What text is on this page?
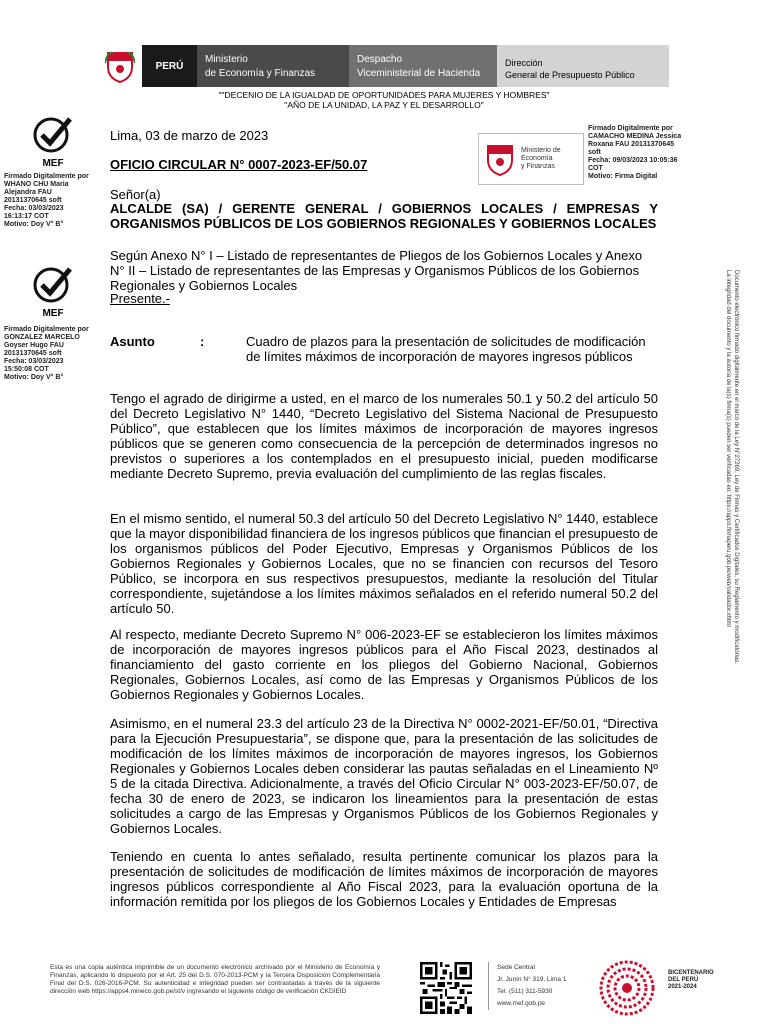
PERÚ
Ministerio
de Economía y Finanzas
Despacho
Viceministerial de Hacienda
Dirección
General de Presupuesto Público
""DECENIO DE LA IGUALDAD DE OPORTUNIDADES PARA MUJERES Y HOMBRES"
"AÑO DE LA UNIDAD, LA PAZ Y EL DESARROLLO"
MEF
Firmado Digitalmente por
WHANO CHU Maria
Alejandra FAU
20131370645 soft
Fecha: 03/03/2023
16:13:17 COT
Motivo: Doy V° B°
MEF
Firmado Digitalmente por
GONZALEZ MARCELO
Goyser Hugo FAU
20131370645 soft
Fecha: 03/03/2023
15:50:08 COT
Motivo: Doy V° B°
Ministerio de
Economía
y Finanzas
Firmado Digitalmente por
CAMACHO MEDINA Jessica
Roxana FAU 20131370645
soft
Fecha: 09/03/2023 10:05:36
COT
Motivo: Firma Digital
Lima, 03 de marzo de 2023
OFICIO CIRCULAR N° 0007-2023-EF/50.07
Señor(a)
ALCALDE (SA) / GERENTE GENERAL / GOBIERNOS LOCALES / EMPRESAS Y ORGANISMOS PÚBLICOS DE LOS GOBIERNOS REGIONALES Y GOBIERNOS LOCALES
Según Anexo N° I – Listado de representantes de Pliegos de los Gobiernos Locales y Anexo N° II – Listado de representantes de las Empresas y Organismos Públicos de los Gobiernos Regionales y Gobiernos Locales
Presente.-
Asunto	:	Cuadro de plazos para la presentación de solicitudes de modificación de límites máximos de incorporación de mayores ingresos públicos
Tengo el agrado de dirigirme a usted, en el marco de los numerales 50.1 y 50.2 del artículo 50 del Decreto Legislativo N° 1440, “Decreto Legislativo del Sistema Nacional de Presupuesto Público”, que establecen que los límites máximos de incorporación de mayores ingresos públicos que se generen como consecuencia de la percepción de determinados ingresos no previstos o superiores a los contemplados en el presupuesto inicial, pueden modificarse mediante Decreto Supremo, previa evaluación del cumplimiento de las reglas fiscales.
En el mismo sentido, el numeral 50.3 del artículo 50 del Decreto Legislativo N° 1440, establece que la mayor disponibilidad financiera de los ingresos públicos que financian el presupuesto de los organismos públicos del Poder Ejecutivo, Empresas y Organismos Públicos de los Gobiernos Regionales y Gobiernos Locales, que no se financien con recursos del Tesoro Público, se incorpora en sus respectivos presupuestos, mediante la resolución del Titular correspondiente, sujetándose a los límites máximos señalados en el referido numeral 50.2 del artículo 50.
Al respecto, mediante Decreto Supremo N° 006-2023-EF se establecieron los límites máximos de incorporación de mayores ingresos públicos para el Año Fiscal 2023, destinados al financiamiento del gasto corriente en los pliegos del Gobierno Nacional, Gobiernos Regionales, Gobiernos Locales, así como de las Empresas y Organismos Públicos de los Gobiernos Regionales y Gobiernos Locales.
Asimismo, en el numeral 23.3 del artículo 23 de la Directiva N° 0002-2021-EF/50.01, “Directiva para la Ejecución Presupuestaria”, se dispone que, para la presentación de las solicitudes de modificación de los límites máximos de incorporación de mayores ingresos, los Gobiernos Regionales y Gobiernos Locales deben considerar las pautas señaladas en el Lineamiento Nº 5 de la citada Directiva. Adicionalmente, a través del Oficio Circular N° 003-2023-EF/50.07, de fecha 30 de enero de 2023, se indicaron los lineamientos para la presentación de estas solicitudes a cargo de las Empresas y Organismos Públicos de los Gobiernos Regionales y Gobiernos Locales.
Teniendo en cuenta lo antes señalado, resulta pertinente comunicar los plazos para la presentación de solicitudes de modificación de límites máximos de incorporación de mayores ingresos públicos correspondiente al Año Fiscal 2023, para la evaluación oportuna de la información remitida por los pliegos de los Gobiernos Locales y Entidades de Empresas
Documento electrónico firmado digitalmente en el marco de la Ley N°27269, Ley de Firmas y Certificados Digitales, su Reglamento y modificatorias.
La integridad del documento y la autoría de la(s) firma(s) pueden ser verificadas en: https://apps.firmaperu.gob.pe/web/validador.xhtml
Esta es una copia auténtica imprimible de un documento electrónico archivado por el Ministerio de Economía y Finanzas, aplicando lo dispuesto por el Art. 25 del D.S. 070-2013-PCM y la Tercera Disposición Complementaria Final del D.S. 026-2016-PCM. Su autenticidad e integridad pueden ser contrastadas a través de la siguiente dirección web https://apps4.mineco.gob.pe/st/v ingresando el siguiente código de verificación CKDIEID
Sede Central
Jr. Junín N° 319, Lima 1
Tel. (511) 311-5930
www.mef.gob.pe
BICENTENARIO
DEL PERÚ
2021-2024
